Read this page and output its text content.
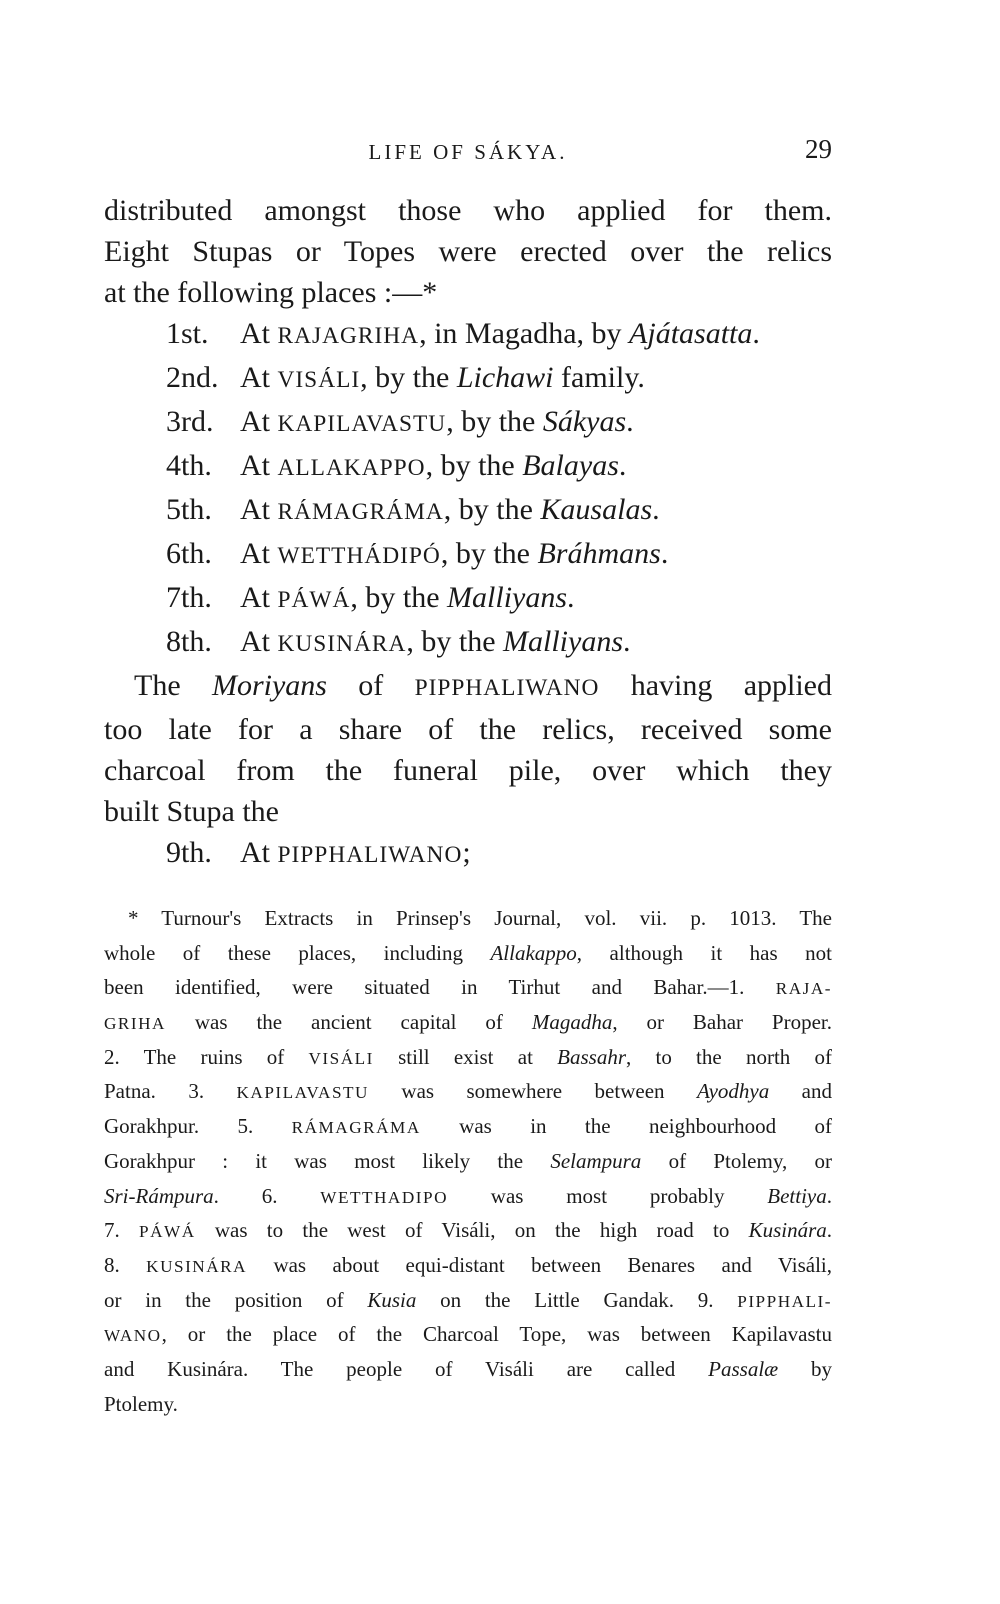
LIFE OF SÁKYA.	29

distributed amongst those who applied for them.

Eight Stupas or Topes were erected over the relics

at the following places :—*

1st.	At RAJAGRIHA, in Magadha, by Ajátasatta.
2nd. At VISÁLI, by the Lichawi family.
3rd. At KAPILAVASTU, by the Sákyas.
4th. At ALLAKAPPO, by the Balayas.
5th. At RÁMAGRÁMA, by the Kausalas.
6th. At WETTHÁDIPÓ, by the Bráhmans.
7th. At PÁWÁ, by the Malliyans.
8th. At KUSINÁRA, by the Malliyans.

The Moriyans of PIPPHALIWANO having applied

too late for a share of the relics, received some

charcoal from the funeral pile, over which they

built Stupa the

9th. At PIPPHALIWANO;
* Turnour's Extracts in Prinsep's Journal, vol. vii. p. 1013. The
whole of these places, including Allakappo, although it has not
been identified, were situated in Tirhut and Bahar.—1. RAJA-
GRIHA was the ancient capital of Magadha, or Bahar Proper.
2. The ruins of VISÁLI still exist at Bassahr, to the north of
Patna. 3. KAPILAVASTU was somewhere between Ayodhya and
Gorakhpur. 5. RÁMAGRÁMA was in the neighbourhood of
Gorakhpur : it was most likely the Selampura of Ptolemy, or
Sri-Rámpura. 6. WETTHADIPO was most probably Bettiya.
7. PÁWÁ was to the west of Visáli, on the high road to Kusinára.
8. KUSINÁRA was about equi-distant between Benares and Visáli,
or in the position of Kusia on the Little Gandak. 9. PIPPHALI-
WANO, or the place of the Charcoal Tope, was between Kapilavastu
and Kusinára. The people of Visáli are called Passalæ by
Ptolemy.
